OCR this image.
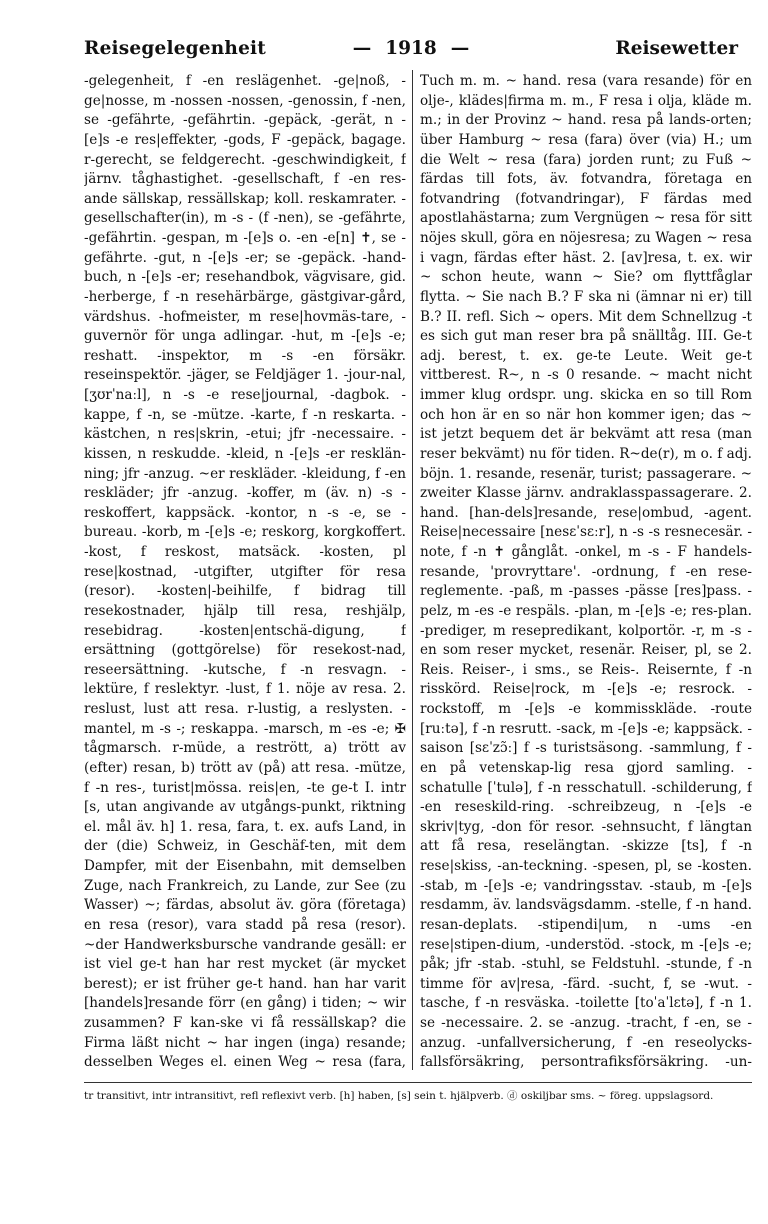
Reisegelegenheit	— 1918 —	Reisewetter

-gelegenheit, f -en reslägenhet. -ge|noß, -ge|nosse, m -nossen -nossen, -genossin, f -nen, se -gefährte, -gefährtin. -gepäck, -gerät, n -[e]s -e res|effekter, -gods, F -gepäck, bagage. r-gerecht, se feldgerecht. -geschwindigkeit, f järnv. tåghastighet. -gesellschaft, f -en res-ande sällskap, ressällskap; koll. reskamrater. -gesellschafter(in), m -s - (f -nen), se -gefährte, -gefährtin. -gespan, m -[e]s o. -en -e[n] ✝, se -gefährte. -gut, n -[e]s -er; se -gepäck. -hand-buch, n -[e]s -er; resehandbok, vägvisare, gid. -herberge, f -n resehärbärge, gästgivar-gård, värdshus. -hofmeister, m rese|hovmäs-tare, -guvernör för unga adlingar. -hut, m -[e]s -e; reshatt. -inspektor, m -s -en försäkr. reseinspektör. -jäger, se Feldjäger 1. -jour-nal, [ʒʊrˈnaːl], n -s -e rese|journal, -dagbok. -kappe, f -n, se -mütze. -karte, f -n reskarta. -kästchen, n res|skrin, -etui; jfr -necessaire. -kissen, n reskudde. -kleid, n -[e]s -er resklän-ning; jfr -anzug. ~er reskläder. -kleidung, f -en reskläder; jfr -anzug. -koffer, m (äv. n) -s - reskoffert, kappsäck. -kontor, n -s -e, se -bureau. -korb, m -[e]s -e; reskorg, korgkoffert. -kost, f reskost, matsäck. -kosten, pl rese|kostnad, -utgifter, utgifter för resa (resor). -kosten|-beihilfe, f bidrag till resekostnader, hjälp till resa, reshjälp, resebidrag. -kosten|entschä-digung, f ersättning (gottgörelse) för resekost-nad, reseersättning. -kutsche, f -n resvagn. -lektüre, f reslektyr. -lust, f 1. nöje av resa. 2. reslust, lust att resa. r-lustig, a reslysten. -mantel, m -s -; reskappa. -marsch, m -es -e; ✠ tågmarsch. r-müde, a restrött, a) trött av (efter) resan, b) trött av (på) att resa. -mütze, f -n res-, turist|mössa. reis|en, -te ge-t I. intr [s, utan angivande av utgångs-punkt, riktning el. mål äv. h] 1. resa, fara, t. ex. aufs Land, in der (die) Schweiz, in Geschäf-ten, mit dem Dampfer, mit der Eisenbahn, mit demselben Zuge, nach Frankreich, zu Lande, zur See (zu Wasser) ~; färdas, absolut äv. göra (företaga) en resa (resor), vara stadd på resa (resor). ~der Handwerksbursche vandrande gesäll: er ist viel ge-t han har rest mycket (är mycket berest); er ist früher ge-t hand. han har varit [handels]resande förr (en gång) i tiden; ~ wir zusammen? F kan-ske vi få ressällskap? die Firma läßt nicht ~ har ingen (inga) resande; desselben Weges el. einen Weg ~ resa (fara,

Tuch m. m. ~ hand. resa (vara resande) för en olje-, klädes|firma m. m., F resa i olja, kläde m. m.; in der Provinz ~ hand. resa på lands-orten; über Hamburg ~ resa (fara) över (via) H.; um die Welt ~ resa (fara) jorden runt; zu Fuß ~ färdas till fots, äv. fotvandra, företaga en fotvandring (fotvandringar), F färdas med apostlahästarna; zum Vergnügen ~ resa för sitt nöjes skull, göra en nöjesresa; zu Wagen ~ resa i vagn, färdas efter häst. 2. [av]resa, t. ex. wir ~ schon heute, wann ~ Sie? om flyttfåglar flytta. ~ Sie nach B.? F ska ni (ämnar ni er) till B.? II. refl. Sich ~ opers. Mit dem Schnellzug -t es sich gut man reser bra på snälltåg. III. Ge-t adj. berest, t. ex. ge-te Leute. Weit ge-t vittberest. R~, n -s 0 resande. ~ macht nicht immer klug ordspr. ung. skicka en so till Rom och hon är en so när hon kommer igen; das ~ ist jetzt bequem det är bekvämt att resa (man reser bekvämt) nu för tiden. R~de(r), m o. f adj. böjn. 1. resande, resenär, turist; passagerare. ~ zweiter Klasse järnv. andraklasspassagerare. 2. hand. [han-dels]resande, rese|ombud, -agent. Reise|necessaire [nesɛˈsɛːr], n -s -s resnecesär. -note, f -n ✝ gånglåt. -onkel, m -s - F handels-resande, 'provryttare'. -ordnung, f -en rese-reglemente. -paß, m -passes -pässe [res]pass. -pelz, m -es -e respäls. -plan, m -[e]s -e; res-plan. -prediger, m resepredikant, kolportör. -r, m -s - en som reser mycket, resenär. Reiser, pl, se 2. Reis. Reiser-, i sms., se Reis-. Reisernte, f -n risskörd. Reise|rock, m -[e]s -e; resrock. -rockstoff, m -[e]s -e kommisskläde. -route [ruːtə], f -n resrutt. -sack, m -[e]s -e; kappsäck. -saison [sɛˈzɔ̃ː] f -s turistsäsong. -sammlung, f -en på vetenskap-lig resa gjord samling. -schatulle [ˈtulə], f -n resschatull. -schilderung, f -en reseskild-ring. -schreibzeug, n -[e]s -e skriv|tyg, -don för resor. -sehnsucht, f längtan att få resa, reselängtan. -skizze [ts], f -n rese|skiss, -an-teckning. -spesen, pl, se -kosten. -stab, m -[e]s -e; vandringsstav. -staub, m -[e]s resdamm, äv. landsvägsdamm. -stelle, f -n hand. resan-deplats. -stipendi|um, n -ums -en rese|stipen-dium, -understöd. -stock, m -[e]s -e; påk; jfr -stab. -stuhl, se Feldstuhl. -stunde, f -n timme för av|resa, -färd. -sucht, f, se -wut. -tasche, f -n resväska. -toilette [toˈaˈlɛtə], f -n 1. se -necessaire. 2. se -anzug. -tracht, f -en, se -anzug. -unfallversicherung, f -en reseolycks-fallsförsäkring, persontrafiksförsäkring. -un-

tr transitivt, intr intransitivt, refl reflexivt verb. [h] haben, [s] sein t. hjälpverb. ⓓ oskiljbar sms. ~ föreg. uppslagsord.
